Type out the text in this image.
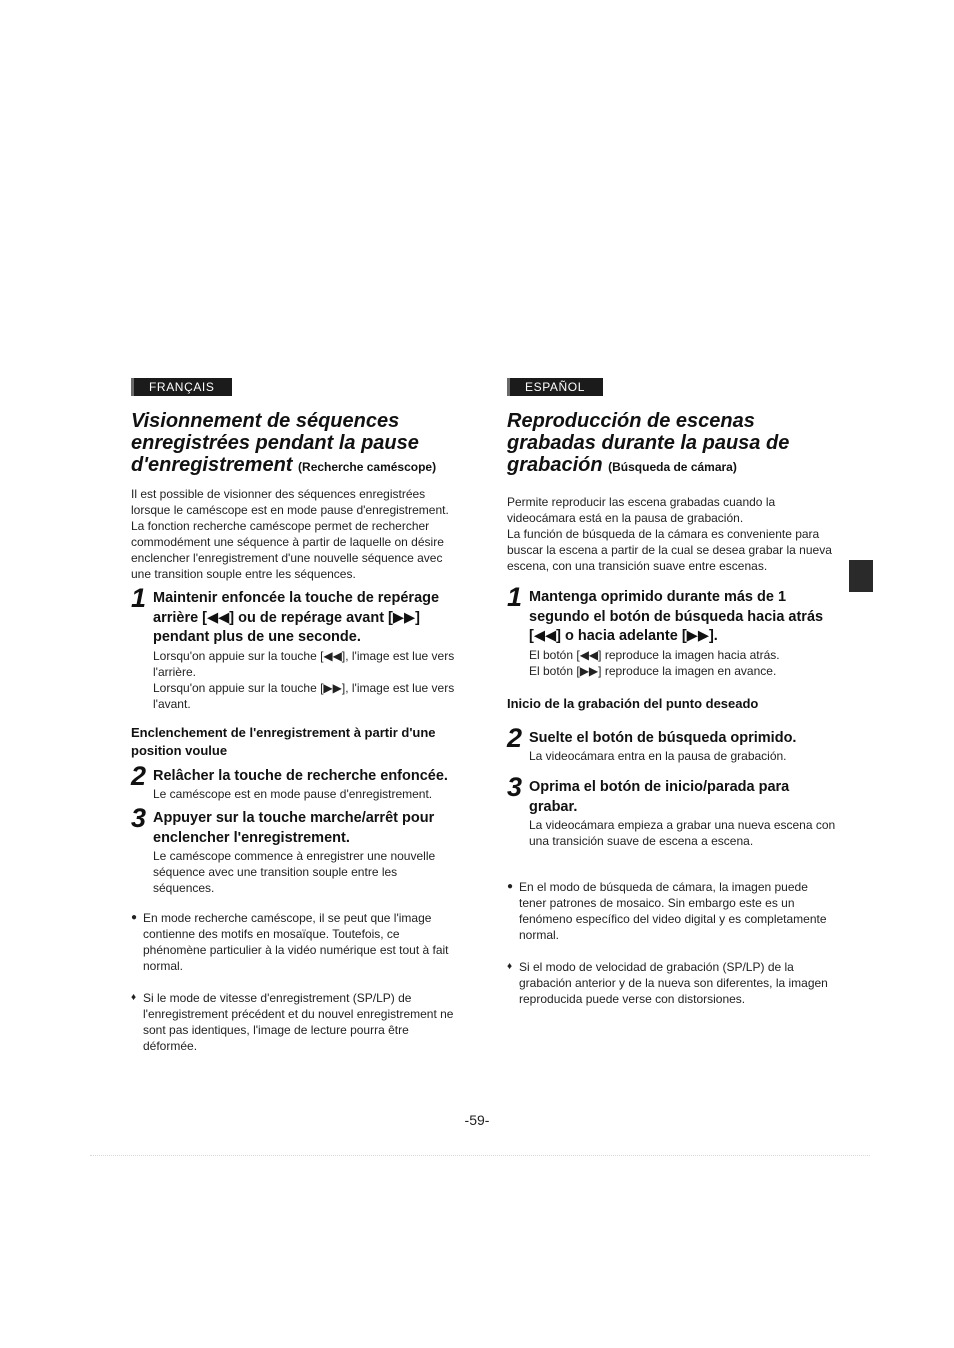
FRANÇAIS
Visionnement de séquences enregistrées pendant la pause d'enregistrement (Recherche caméscope)

Il est possible de visionner des séquences enregistrées lorsque le caméscope est en mode pause d'enregistrement.

La fonction recherche caméscope permet de rechercher commodément une séquence à partir de laquelle on désire enclencher l'enregistrement d'une nouvelle séquence avec une transition souple entre les séquences.

1 Maintenir enfoncée la touche de repérage arrière [◀◀] ou de repérage avant [▶▶] pendant plus de une seconde.
Lorsqu'on appuie sur la touche [◀◀], l'image est lue vers l'arrière.
Lorsqu'on appuie sur la touche [▶▶], l'image est lue vers l'avant.
Enclenchement de l'enregistrement à partir d'une position voulue
2 Relâcher la touche de recherche enfoncée.
Le caméscope est en mode pause d'enregistrement.
3 Appuyer sur la touche marche/arrêt pour enclencher l'enregistrement.
Le caméscope commence à enregistrer une nouvelle séquence avec une transition souple entre les séquences.
● En mode recherche caméscope, il se peut que l'image contienne des motifs en mosaïque. Toutefois, ce phénomène particulier à la vidéo numérique est tout à fait normal.
♦ Si le mode de vitesse d'enregistrement (SP/LP) de l'enregistrement précédent et du nouvel enregistrement ne sont pas identiques, l'image de lecture pourra être déformée.
ESPAÑOL
Reproducción de escenas grabadas durante la pausa de grabación (Búsqueda de cámara)

Permite reproducir las escena grabadas cuando la videocámara está en la pausa de grabación.

La función de búsqueda de la cámara es conveniente para buscar la escena a partir de la cual se desea grabar la nueva escena, con una transición suave entre escenas.

1 Mantenga oprimido durante más de 1 segundo el botón de búsqueda hacia atrás [◀◀] o hacia adelante [▶▶].
El botón [◀◀] reproduce la imagen hacia atrás.
El botón [▶▶] reproduce la imagen en avance.
Inicio de la grabación del punto deseado
2 Suelte el botón de búsqueda oprimido.
La videocámara entra en la pausa de grabación.
3 Oprima el botón de inicio/parada para grabar.
La videocámara empieza a grabar una nueva escena con una transición suave de escena a escena.
● En el modo de búsqueda de cámara, la imagen puede tener patrones de mosaico. Sin embargo este es un fenómeno específico del video digital y es completamente normal.
♦ Si el modo de velocidad de grabación (SP/LP) de la grabación anterior y de la nueva son diferentes, la imagen reproducida puede verse con distorsiones.
-59-
